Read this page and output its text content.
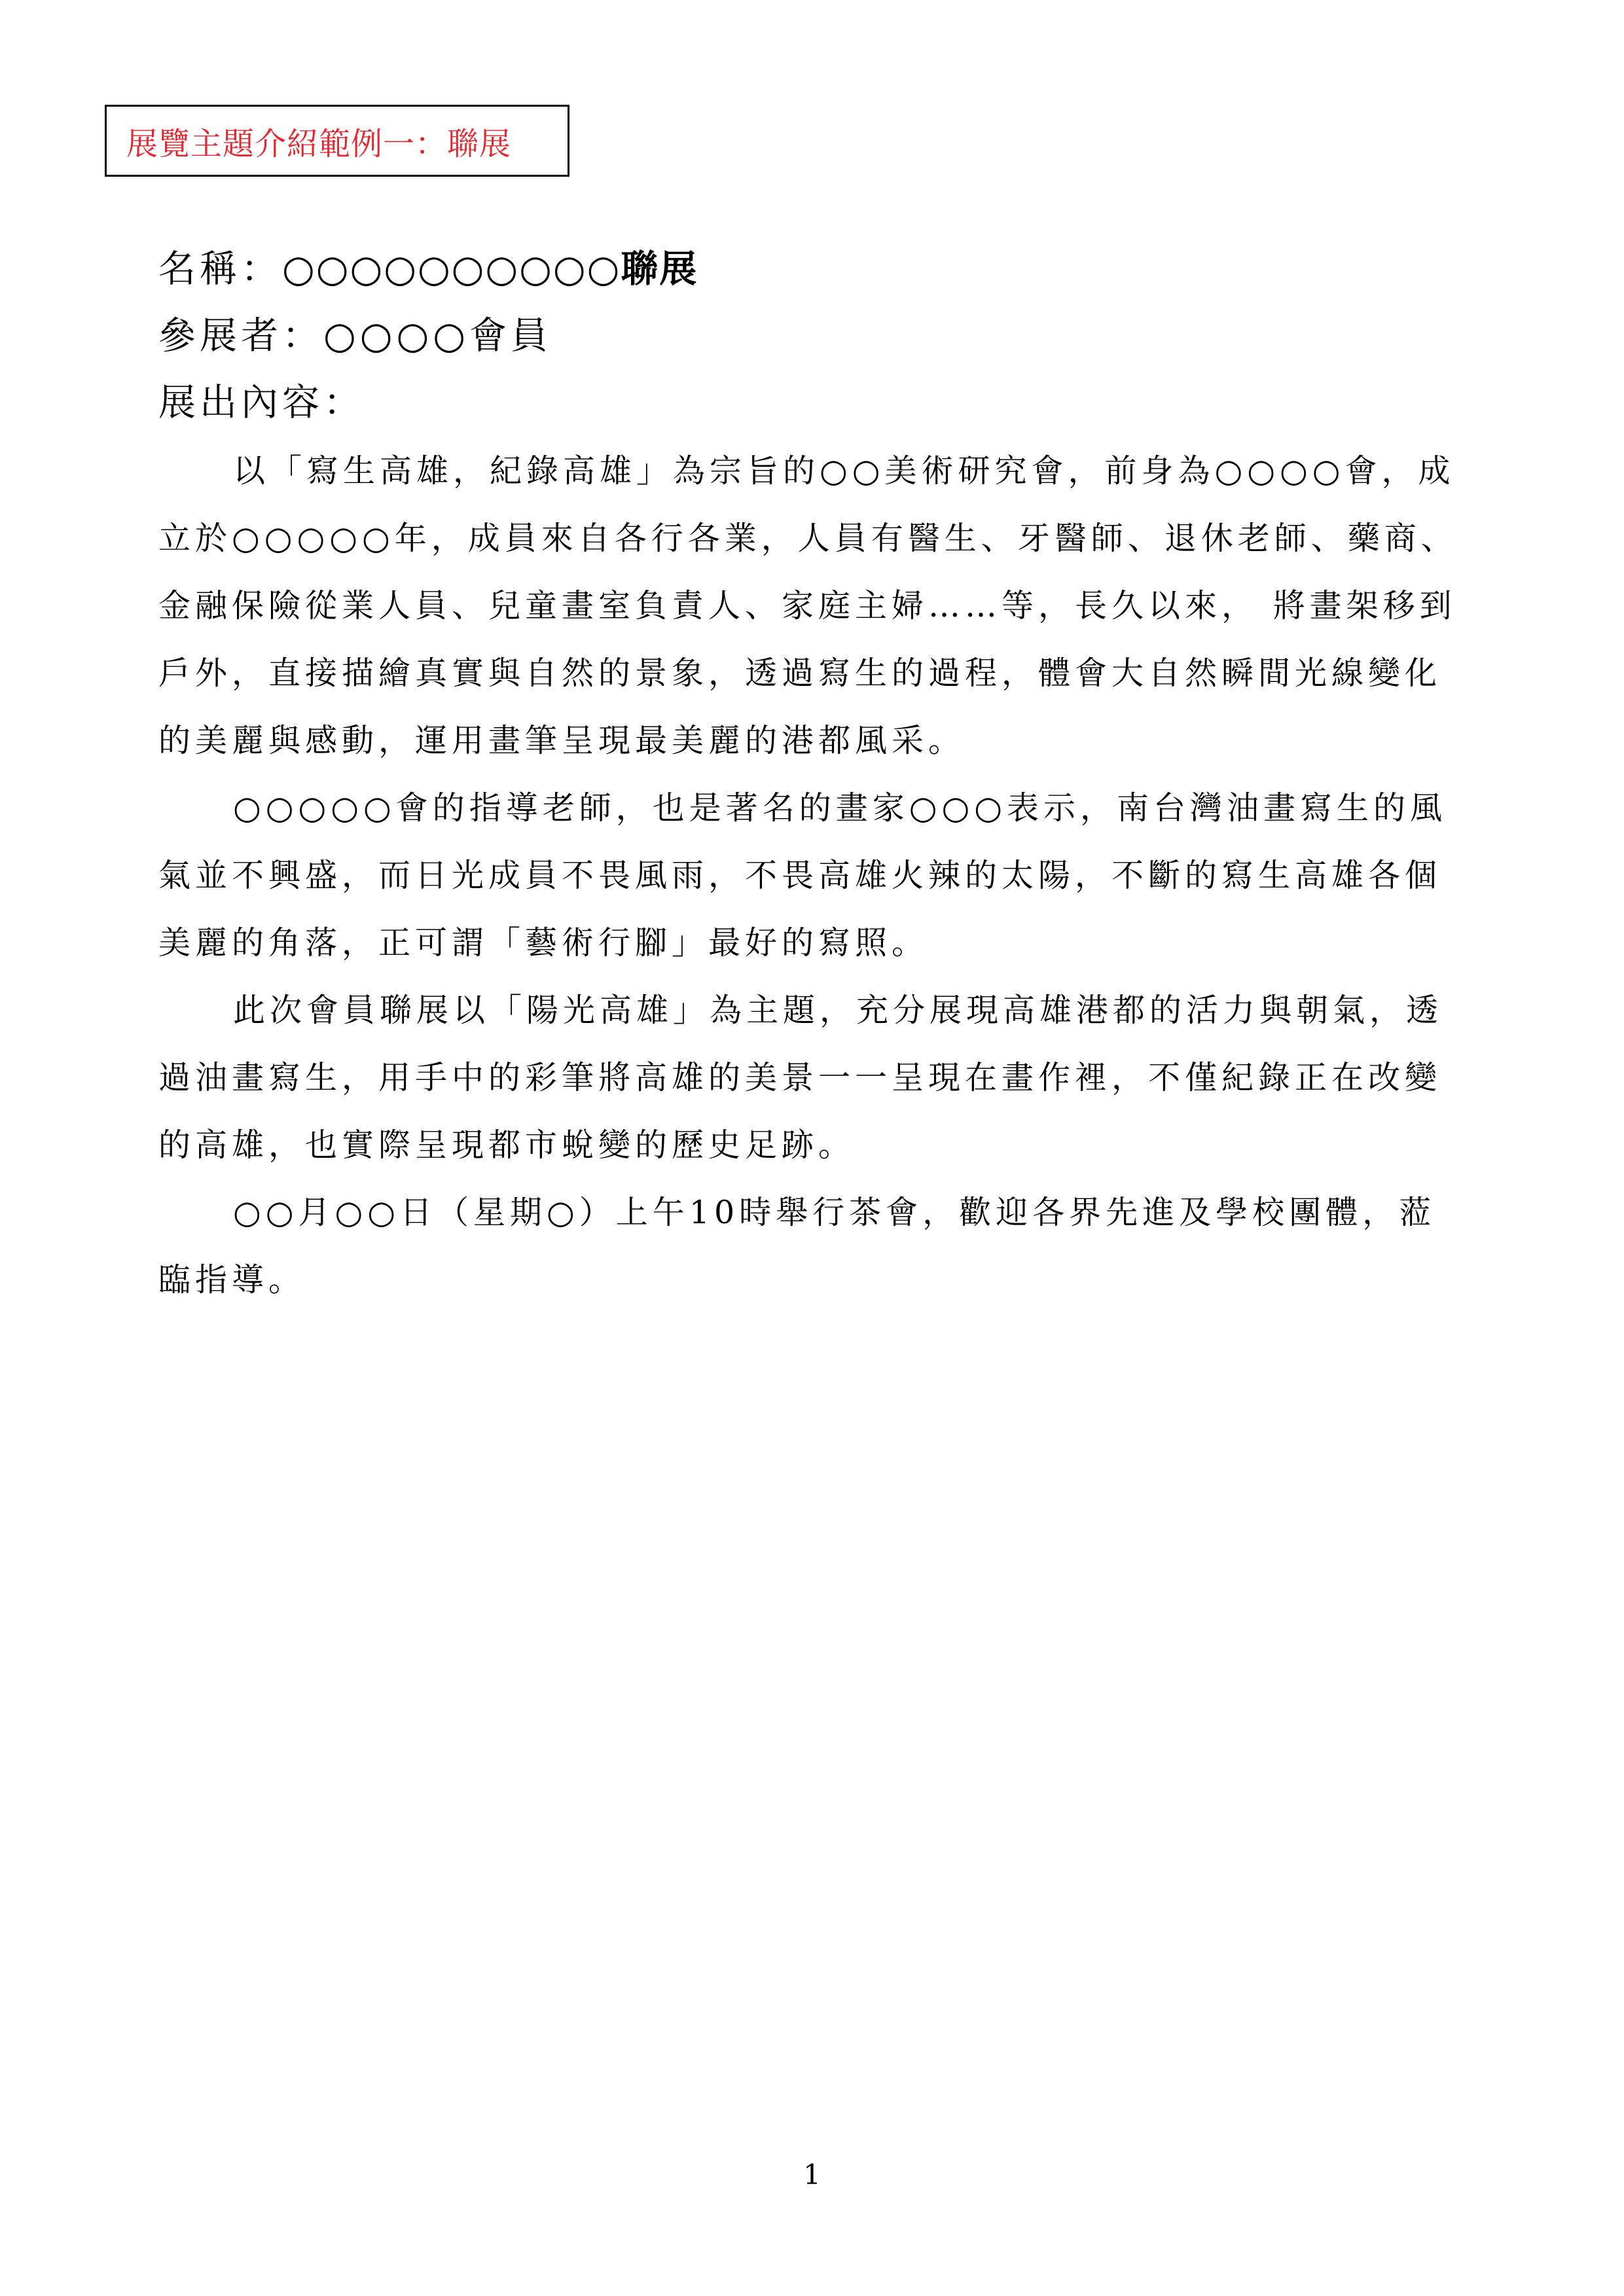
展覽主題介紹範例一：聯展
名稱：○○○○○○○○○○聯展
參展者：○○○○會員
展出內容：

以「寫生高雄，紀錄高雄」為宗旨的○○美術研究會，前身為○○○○會，成立於○○○○○年，成員來自各行各業，人員有醫生、牙醫師、退休老師、藥商、金融保險從業人員、兒童畫室負責人、家庭主婦……等，長久以來， 將畫架移到戶外，直接描繪真實與自然的景象，透過寫生的過程，體會大自然瞬間光線變化的美麗與感動，運用畫筆呈現最美麗的港都風采。

○○○○○會的指導老師，也是著名的畫家○○○表示，南台灣油畫寫生的風氣並不興盛，而日光成員不畏風雨，不畏高雄火辣的太陽，不斷的寫生高雄各個美麗的角落，正可謂「藝術行腳」最好的寫照。

此次會員聯展以「陽光高雄」為主題，充分展現高雄港都的活力與朝氣，透過油畫寫生，用手中的彩筆將高雄的美景一一呈現在畫作裡，不僅紀錄正在改變的高雄，也實際呈現都市蛻變的歷史足跡。

○○月○○日（星期○）上午10時舉行茶會，歡迎各界先進及學校團體，蒞臨指導。

1
